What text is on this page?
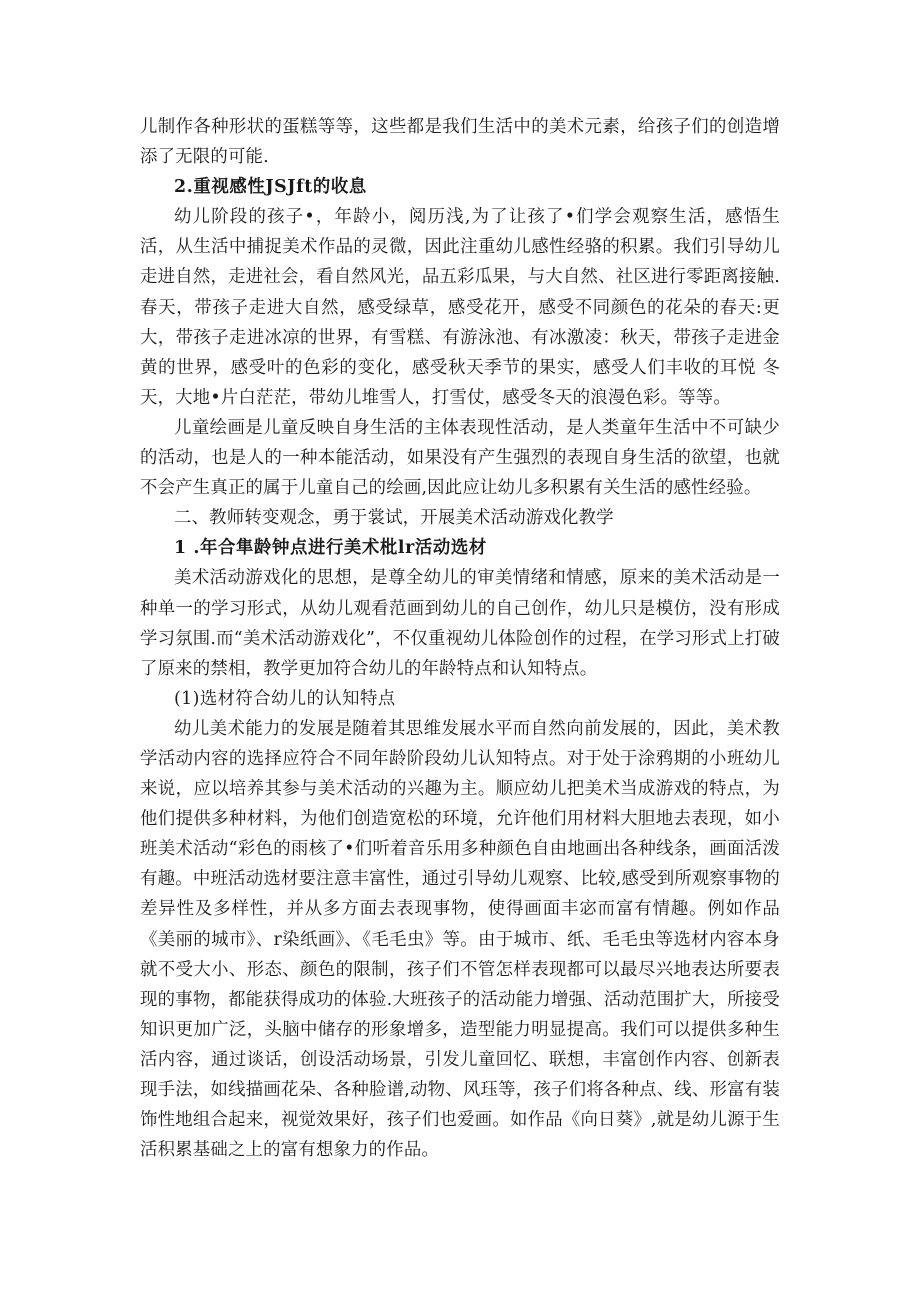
儿制作各种形状的蛋糕等等，这些都是我们生活中的美术元素，给孩子们的创造增添了无限的可能.

2.重视感性JSJft的收息

幼儿阶段的孩子•，年龄小，阅历浅,为了让孩了•们学会观察生活，感悟生活，从生活中捕捉美术作品的灵微，因此注重幼儿感性经骆的积累。我们引导幼儿走进自然，走进社会，看自然风光，品五彩瓜果，与大自然、社区进行零距离接触.春天，带孩子走进大自然，感受绿草，感受花开，感受不同颜色的花朵的春天:更大，带孩子走进冰凉的世界，有雪糕、有游泳池、有冰激凌：秋天，带孩子走进金黄的世界，感受叶的色彩的变化，感受秋天季节的果实，感受人们丰收的耳悦 冬天，大地•片白茫茫，带幼儿堆雪人，打雪仗，感受冬天的浪漫色彩。等等。

儿童绘画是儿童反映自身生活的主体表现性活动，是人类童年生活中不可缺少的活动，也是人的一种本能活动，如果没有产生强烈的表现自身生活的欲望，也就不会产生真正的属于儿童自己的绘画,因此应让幼儿多积累有关生活的感性经验。

二、教师转变观念，勇于裳试，开展美术活动游戏化教学

1 .年合隼龄钟点进行美术枇lr活动选材

美术活动游戏化的思想，是尊全幼儿的审美情绪和情感，原来的美术活动是一种单一的学习形式，从幼儿观看范画到幼儿的自己创作，幼儿只是模仿，没有形成学习氛围.而“美术活动游戏化”，不仅重视幼儿体险创作的过程，在学习形式上打破了原来的禁相，教学更加符合幼儿的年龄特点和认知特点。

(1)选材符合幼儿的认知特点

幼儿美术能力的发展是随着其思维发展水平而自然向前发展的，因此，美术教学活动内容的选择应符合不同年龄阶段幼儿认知特点。对于处于涂鸦期的小班幼儿来说，应以培养其参与美术活动的兴趣为主。顺应幼儿把美术当成游戏的特点，为他们提供多种材料，为他们创造宽松的环境，允许他们用材料大胆地去表现，如小班美术活动“彩色的雨核了•们听着音乐用多种颜色自由地画出各种线条，画面活泼有趣。中班活动选材要注意丰富性，通过引导幼儿观察、比较,感受到所观察事物的差异性及多样性，并从多方面去表现事物，使得画面丰宓而富有情趣。例如作品《美丽的城市》、r染纸画》、《毛毛虫》等。由于城市、纸、毛毛虫等选材内容本身就不受大小、形态、颜色的限制，孩子们不管怎样表现都可以最尽兴地表达所要表现的事物，都能获得成功的体验.大班孩子的活动能力增强、活动范围扩大，所接受知识更加广泛，头脑中储存的形象增多，造型能力明显提高。我们可以提供多种生活内容，通过谈话，创设活动场景，引发儿童回忆、联想，丰富创作内容、创新表现手法，如线描画花朵、各种脸谱,动物、风珏等，孩子们将各种点、线、形富有装饰性地组合起来，视觉效果好，孩子们也爱画。如作品《向日葵》,就是幼儿源于生活积累基础之上的富有想象力的作品。
